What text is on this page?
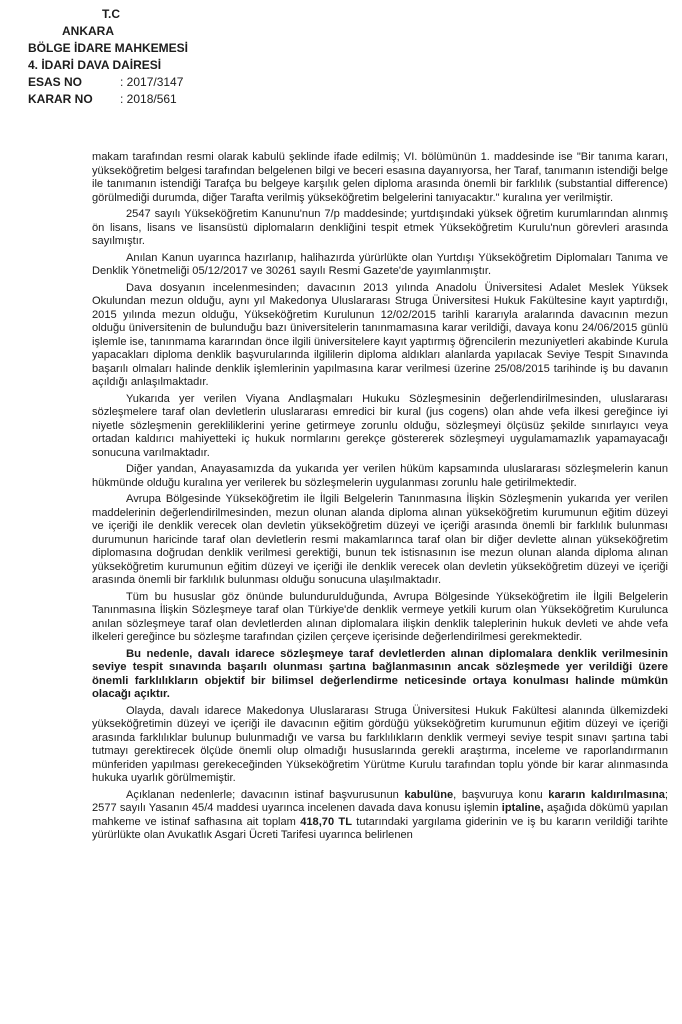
T.C
ANKARA
BÖLGE İDARE MAHKEMESİ
4. İDARİ DAVA DAİRESİ
ESAS NO	: 2017/3147
KARAR NO : 2018/561

makam tarafından resmi olarak kabulü şeklinde ifade edilmiş; VI. bölümünün 1. maddesinde ise "Bir tanıma kararı, yükseköğretim belgesi tarafından belgelenen bilgi ve beceri esasına dayanıyorsa, her Taraf, tanımanın istendiği belge ile tanımanın istendiği Tarafça bu belgeye karşılık gelen diploma arasında önemli bir farklılık (substantial difference) görülmediği durumda, diğer Tarafta verilmiş yükseköğretim belgelerini tanıyacaktır." kuralına yer verilmiştir.

2547 sayılı Yükseköğretim Kanunu'nun 7/p maddesinde; yurtdışındaki yüksek öğretim kurumlarından alınmış ön lisans, lisans ve lisansüstü diplomaların denkliğini tespit etmek Yükseköğretim Kurulu'nun görevleri arasında sayılmıştır.

Anılan Kanun uyarınca hazırlanıp, halihazırda yürürlükte olan Yurtdışı Yükseköğretim Diplomaları Tanıma ve Denklik Yönetmeliği 05/12/2017 ve 30261 sayılı Resmi Gazete'de yayımlanmıştır.

Dava dosyanın incelenmesinden; davacının 2013 yılında Anadolu Üniversitesi Adalet Meslek Yüksek Okulundan mezun olduğu, aynı yıl Makedonya Uluslararası Struga Üniversitesi Hukuk Fakültesine kayıt yaptırdığı, 2015 yılında mezun olduğu, Yükseköğretim Kurulunun 12/02/2015 tarihli kararıyla aralarında davacının mezun olduğu üniversitenin de bulunduğu bazı üniversitelerin tanınmamasına karar verildiği, davaya konu 24/06/2015 günlü işlemle ise, tanınmama kararından önce ilgili üniversitelere kayıt yaptırmış öğrencilerin mezuniyetleri akabinde Kurula yapacakları diploma denklik başvurularında ilgililerin diploma aldıkları alanlarda yapılacak Seviye Tespit Sınavında başarılı olmaları halinde denklik işlemlerinin yapılmasına karar verilmesi üzerine 25/08/2015 tarihinde iş bu davanın açıldığı anlaşılmaktadır.

Yukarıda yer verilen Viyana Andlaşmaları Hukuku Sözleşmesinin değerlendirilmesinden, uluslararası sözleşmelere taraf olan devletlerin uluslararası emredici bir kural (jus cogens) olan ahde vefa ilkesi gereğince iyi niyetle sözleşmenin gerekliliklerini yerine getirmeye zorunlu olduğu, sözleşmeyi ölçüsüz şekilde sınırlayıcı veya ortadan kaldırıcı mahiyetteki iç hukuk normlarını gerekçe göstererek sözleşmeyi uygulamamazlık yapamayacağı sonucuna varılmaktadır.

Diğer yandan, Anayasamızda da yukarıda yer verilen hüküm kapsamında uluslararası sözleşmelerin kanun hükmünde olduğu kuralına yer verilerek bu sözleşmelerin uygulanması zorunlu hale getirilmektedir.

Avrupa Bölgesinde Yükseköğretim ile İlgili Belgelerin Tanınmasına İlişkin Sözleşmenin yukarıda yer verilen maddelerinin değerlendirilmesinden, mezun olunan alanda diploma alınan yükseköğretim kurumunun eğitim düzeyi ve içeriği ile denklik verecek olan devletin yükseköğretim düzeyi ve içeriği arasında önemli bir farklılık bulunması durumunun haricinde taraf olan devletlerin resmi makamlarınca taraf olan bir diğer devlette alınan yükseköğretim diplomasına doğrudan denklik verilmesi gerektiği, bunun tek istisnasının ise mezun olunan alanda diploma alınan yükseköğretim kurumunun eğitim düzeyi ve içeriği ile denklik verecek olan devletin yükseköğretim düzeyi ve içeriği arasında önemli bir farklılık bulunması olduğu sonucuna ulaşılmaktadır.

Tüm bu hususlar göz önünde bulundurulduğunda, Avrupa Bölgesinde Yükseköğretim ile İlgili Belgelerin Tanınmasına İlişkin Sözleşmeye taraf olan Türkiye'de denklik vermeye yetkili kurum olan Yükseköğretim Kurulunca anılan sözleşmeye taraf olan devletlerden alınan diplomalara ilişkin denklik taleplerinin hukuk devleti ve ahde vefa ilkeleri gereğince bu sözleşme tarafından çizilen çerçeve içerisinde değerlendirilmesi gerekmektedir.

Bu nedenle, davalı idarece sözleşmeye taraf devletlerden alınan diplomalara denklik verilmesinin seviye tespit sınavında başarılı olunması şartına bağlanmasının ancak sözleşmede yer verildiği üzere önemli farklılıkların objektif bir bilimsel değerlendirme neticesinde ortaya konulması halinde mümkün olacağı açıktır.

Olayda, davalı idarece Makedonya Uluslararası Struga Üniversitesi Hukuk Fakültesi alanında ülkemizdeki yükseköğretimin düzeyi ve içeriği ile davacının eğitim gördüğü yükseköğretim kurumunun eğitim düzeyi ve içeriği arasında farklılıklar bulunup bulunmadığı ve varsa bu farklılıkların denklik vermeyi seviye tespit sınavı şartına tabi tutmayı gerektirecek ölçüde önemli olup olmadığı hususlarında gerekli araştırma, inceleme ve raporlandırmanın münferiden yapılması gerekeceğinden Yükseköğretim Yürütme Kurulu tarafından toplu yönde bir karar alınmasında hukuka uyarlık görülmemiştir.

Açıklanan nedenlerle; davacının istinaf başvurusunun kabulüne, başvuruya konu kararın kaldırılmasına; 2577 sayılı Yasanın 45/4 maddesi uyarınca incelenen davada dava konusu işlemin iptaline, aşağıda dökümü yapılan mahkeme ve istinaf safhasına ait toplam 418,70 TL tutarındaki yargılama giderinin ve iş bu kararın verildiği tarihte yürürlükte olan Avukatlık Asgari Ücreti Tarifesi uyarınca belirlenen
